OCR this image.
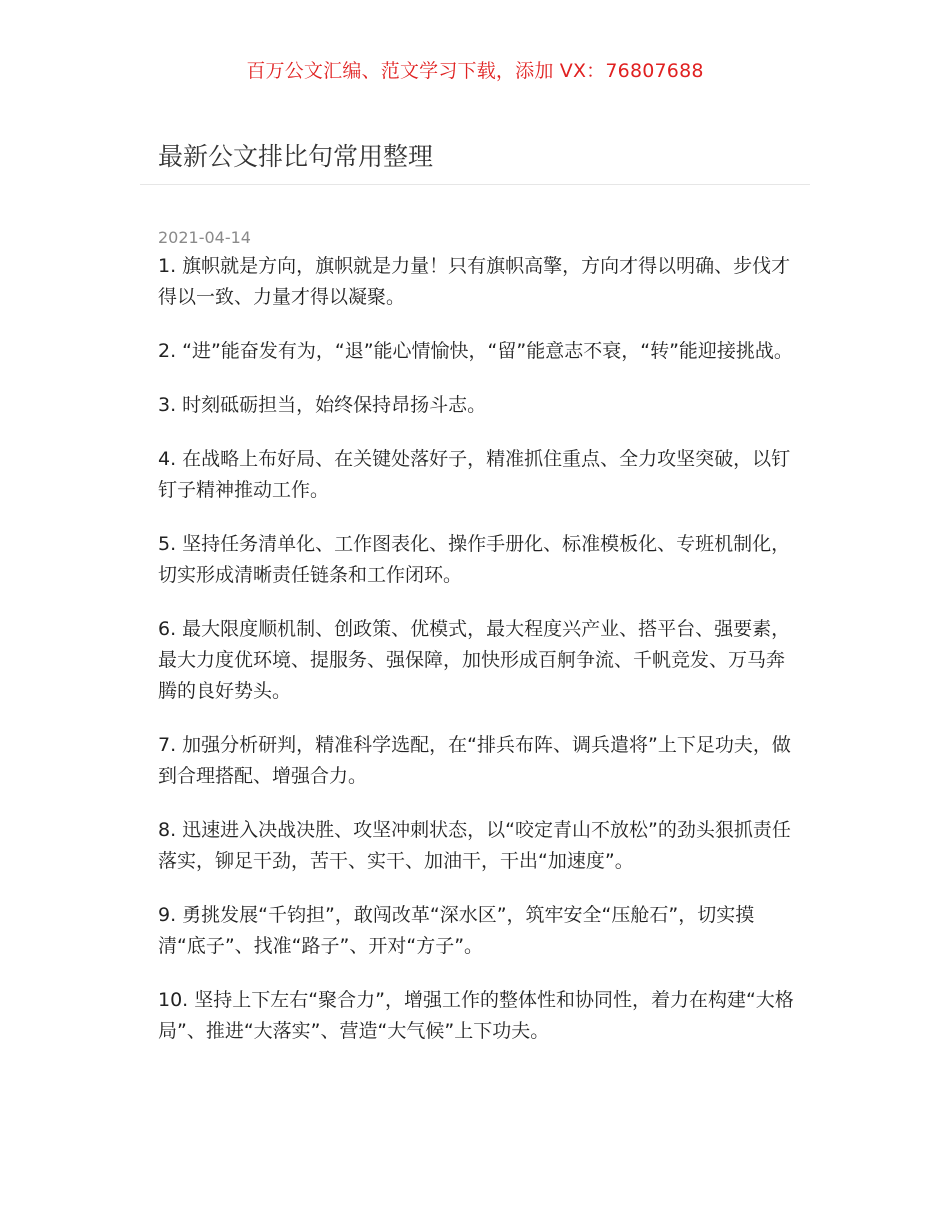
百万公文汇编、范文学习下载，添加 VX：76807688
最新公文排比句常用整理
2021-04-14

1. 旗帜就是方向，旗帜就是力量！只有旗帜高擎，方向才得以明确、步伐才得以一致、力量才得以凝聚。

2. “进”能奋发有为，“退”能心情愉快，“留”能意志不衰，“转”能迎接挑战。

3. 时刻砥砺担当，始终保持昂扬斗志。

4. 在战略上布好局、在关键处落好子，精准抓住重点、全力攻坚突破，以钉钉子精神推动工作。

5. 坚持任务清单化、工作图表化、操作手册化、标准模板化、专班机制化，切实形成清晰责任链条和工作闭环。

6. 最大限度顺机制、创政策、优模式，最大程度兴产业、搭平台、强要素，最大力度优环境、提服务、强保障，加快形成百舸争流、千帆竞发、万马奔腾的良好势头。

7. 加强分析研判，精准科学选配，在“排兵布阵、调兵遣将”上下足功夫，做到合理搭配、增强合力。

8. 迅速进入决战决胜、攻坚冲刺状态，以“咬定青山不放松”的劲头狠抓责任落实，铆足干劲，苦干、实干、加油干，干出“加速度”。

9. 勇挑发展“千钧担”，敢闯改革“深水区”，筑牢安全“压舱石”，切实摸清“底子”、找准“路子”、开对“方子”。

10. 坚持上下左右“聚合力”，增强工作的整体性和协同性，着力在构建“大格局”、推进“大落实”、营造“大气候”上下功夫。
